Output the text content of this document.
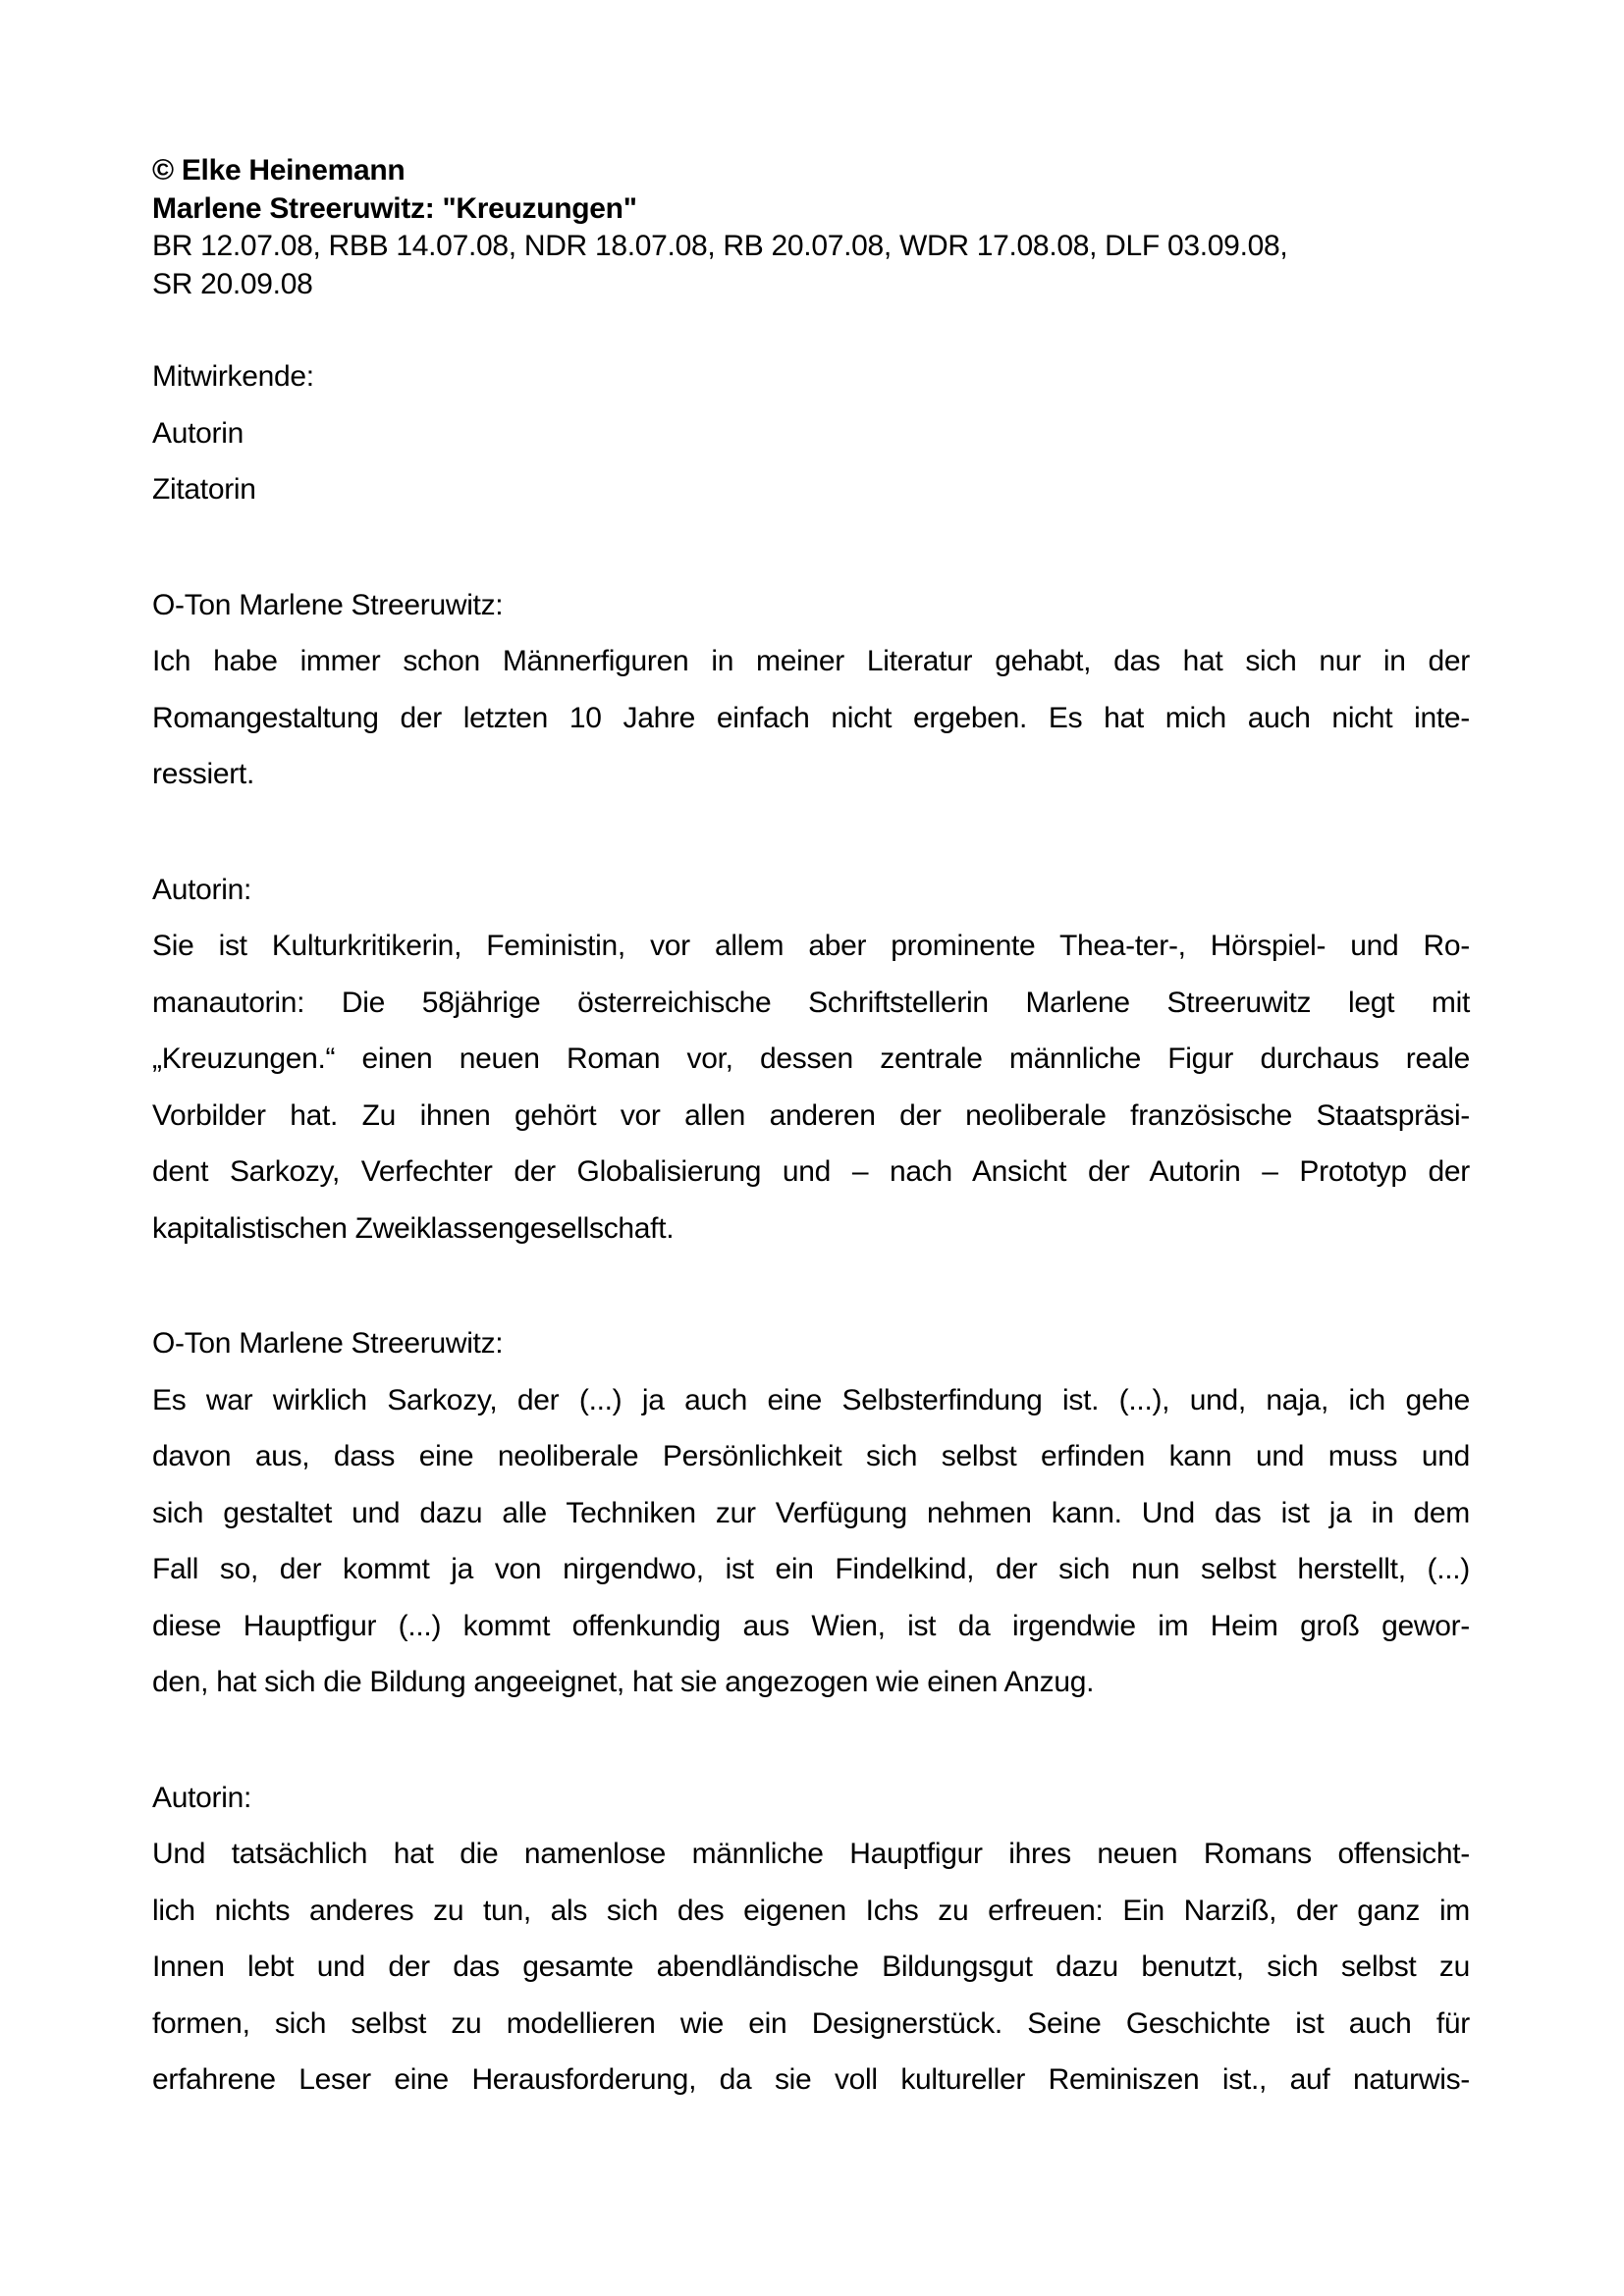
© Elke Heinemann
Marlene Streeruwitz: "Kreuzungen"
BR 12.07.08, RBB 14.07.08, NDR 18.07.08, RB 20.07.08, WDR 17.08.08, DLF 03.09.08,
SR 20.09.08
Mitwirkende:
Autorin
Zitatorin
O-Ton Marlene Streeruwitz:
Ich habe immer schon Männerfiguren in meiner Literatur gehabt, das hat sich nur in der
Romangestaltung der letzten 10 Jahre einfach nicht ergeben. Es hat mich auch nicht inte-
ressiert.
Autorin:
Sie ist Kulturkritikerin, Feministin, vor allem aber prominente Thea-ter-, Hörspiel- und Ro-
manautorin: Die 58jährige österreichische Schriftstellerin Marlene Streeruwitz legt mit
„Kreuzungen.“ einen neuen Roman vor, dessen zentrale männliche Figur durchaus reale
Vorbilder hat. Zu ihnen gehört vor allen anderen der neoliberale französische Staatspräsi-
dent Sarkozy, Verfechter der Globalisierung und – nach Ansicht der Autorin – Prototyp der
kapitalistischen Zweiklassengesellschaft.
O-Ton Marlene Streeruwitz:
Es war wirklich Sarkozy, der (...) ja auch eine Selbsterfindung ist. (...), und, naja, ich gehe
davon aus, dass eine neoliberale Persönlichkeit sich selbst erfinden kann und muss und
sich gestaltet und dazu alle Techniken zur Verfügung nehmen kann. Und das ist ja in dem
Fall so, der kommt ja von nirgendwo, ist ein Findelkind, der sich nun selbst herstellt, (...)
diese Hauptfigur (...) kommt offenkundig aus Wien, ist da irgendwie im Heim groß gewor-
den, hat sich die Bildung angeeignet, hat sie angezogen wie einen Anzug.
Autorin:
Und tatsächlich hat die namenlose männliche Hauptfigur ihres neuen Romans offensicht-
lich nichts anderes zu tun, als sich des eigenen Ichs zu erfreuen: Ein Narziß, der ganz im
Innen lebt und der das gesamte abendländische Bildungsgut dazu benutzt, sich selbst zu
formen, sich selbst zu modellieren wie ein Designerstück. Seine Geschichte ist auch für
erfahrene Leser eine Herausforderung, da sie voll kultureller Reminiszen ist., auf naturwis-
